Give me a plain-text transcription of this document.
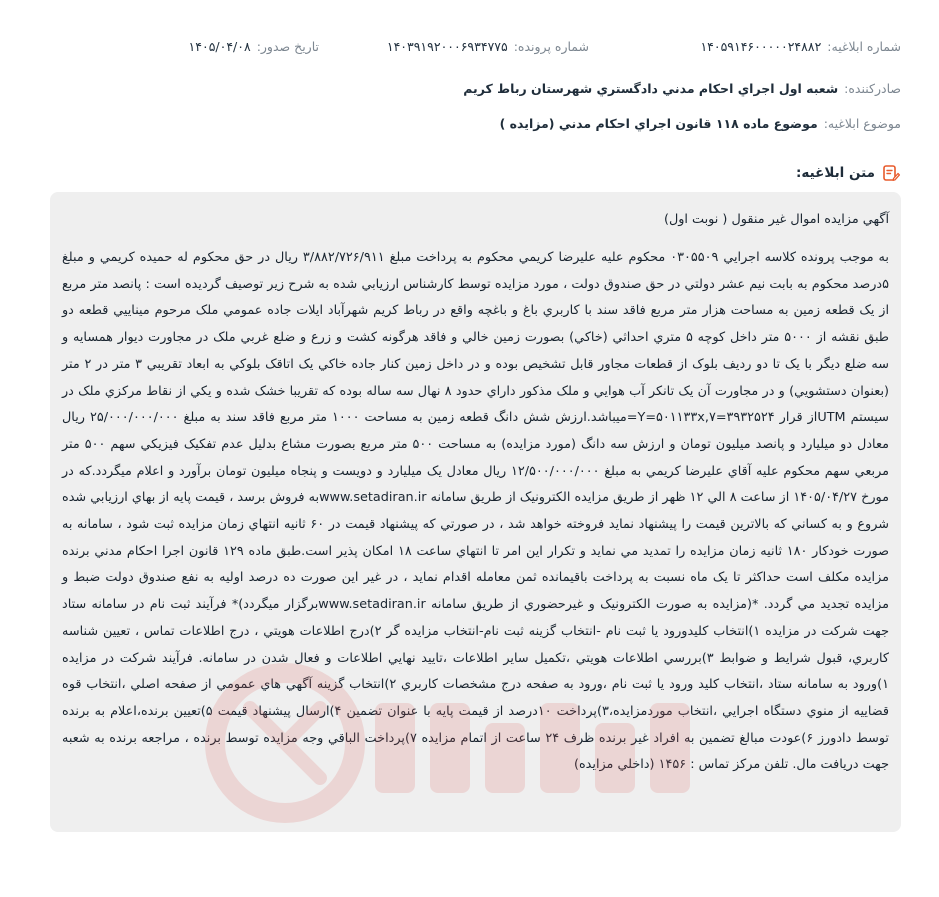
شماره ابلاغيه:
۱۴۰۵۹۱۴۶۰۰۰۰۰۲۴۸۸۲
شماره پرونده:
۱۴۰۳۹۱۹۲۰۰۰۶۹۳۴۷۷۵
تاريخ صدور:
۱۴۰۵/۰۴/۰۸
صادرکننده:
شعبه اول اجراي احکام مدني دادگستري شهرستان رباط کريم
موضوع ابلاغيه:
موضوع ماده ۱۱۸ قانون اجراي احکام مدني (مزايده )
متن ابلاغيه:

آگهي مزايده اموال غير منقول ( نوبت اول)

به موجب پرونده کلاسه اجرايي ۰۳۰۵۵۰۹ محکوم عليه عليرضا کريمي محکوم به پرداخت مبلغ ۳/۸۸۲/۷۲۶/۹۱۱ ريال در حق محکوم له حميده کريمي و مبلغ ۵درصد محکوم به بابت نيم عشر دولتي در حق صندوق دولت ، مورد مزايده توسط کارشناس ارزيابي شده به شرح زير توصيف گرديده است : پانصد متر مربع از يک قطعه زمين به مساحت هزار متر مربع فاقد سند با کاربري باغ و باغچه واقع در رباط کريم شهرآباد ايلات جاده عمومي ملک مرحوم ميناييي قطعه دو طبق نقشه از ۵۰۰۰ متر داخل کوچه ۵ متري احداثي (خاکي) بصورت زمين خالي و فاقد هرگونه کشت و زرع و ضلع غربي ملک در مجاورت ديوار همسايه و سه ضلع ديگر با يک تا دو رديف بلوک از قطعات مجاور قابل تشخيص بوده و در داخل زمين کنار جاده خاکي يک اتاقک بلوکي به ابعاد تقريبي ۳ متر در ۲ متر (بعنوان دستشويي) و در مجاورت آن يک تانکر آب هوايي و ملک مذکور داراي حدود ۸ نهال سه ساله بوده که تقريبا خشک شده و يکي از نقاط مرکزي ملک در سيستم UTMاز قرار ۳۹۳۲۵۲۴=۷,Y=۵۰۱۱۳۳x=ميباشد.ارزش شش دانگ قطعه زمين به مساحت ۱۰۰۰ متر مربع فاقد سند به مبلغ ۲۵/۰۰۰/۰۰۰/۰۰۰ ريال معادل دو ميليارد و پانصد ميليون تومان و ارزش سه دانگ (مورد مزايده) به مساحت ۵۰۰ متر مربع بصورت مشاع بدليل عدم تفکيک فيزيکي سهم ۵۰۰ متر مربعي سهم محکوم عليه آقاي عليرضا کريمي به مبلغ ۱۲/۵۰۰/۰۰۰/۰۰۰ ريال معادل يک ميليارد و دويست و پنجاه ميليون تومان برآورد و اعلام ميگردد.که در مورخ ۱۴۰۵/۰۴/۲۷ از ساعت ۸ الي ۱۲ ظهر از طريق مزايده الکترونيک از طريق سامانه www.setadiran.irبه فروش برسد ، قيمت پايه از بهاي ارزيابي شده شروع و به کساني که بالاترين قيمت را پيشنهاد نمايد فروخته خواهد شد ، در صورتي که پيشنهاد قيمت در ۶۰ ثانيه انتهاي زمان مزايده ثبت شود ، سامانه به صورت خودکار ۱۸۰ ثانيه زمان مزايده را تمديد مي نمايد و تکرار اين امر تا انتهاي ساعت ۱۸ امکان پذير است.طبق ماده ۱۲۹ قانون اجرا احکام مدني برنده مزايده مکلف است حداکثر تا يک ماه نسبت به پرداخت باقيمانده ثمن معامله اقدام نمايد ، در غير اين صورت ده درصد اوليه به نفع صندوق دولت ضبط و مزايده تجديد مي گردد. *(مزايده به صورت الکترونيک و غيرحضوري از طريق سامانه www.setadiran.irبرگزار ميگردد)* فرآيند ثبت نام در سامانه ستاد جهت شرکت در مزايده ۱)انتخاب کليدورود يا ثبت نام -انتخاب گزينه ثبت نام-انتخاب مزايده گر ۲)درج اطلاعات هويتي ، درج اطلاعات تماس ، تعيين شناسه کاربري، قبول شرايط و ضوابط ۳)بررسي اطلاعات هويتي ،تکميل ساير اطلاعات ،تاييد نهايي اطلاعات و فعال شدن در سامانه. فرآيند شرکت در مزايده ۱)ورود به سامانه ستاد ،انتخاب کليد ورود يا ثبت نام ،ورود به صفحه درج مشخصات کاربري ۲)انتخاب گزينه آگهي هاي عمومي از صفحه اصلي ،انتخاب قوه قضاييه از منوي دستگاه اجرايي ،انتخاب موردمزايده،۳)پرداخت ۱۰درصد از قيمت پايه با عنوان تضمين ۴)ارسال پيشنهاد قيمت ۵)تعيين برنده،اعلام به برنده توسط دادورز ۶)عودت مبالغ تضمين به افراد غير برنده ظرف ۲۴ ساعت از اتمام مزايده ۷)پرداخت الباقي وجه مزايده توسط برنده ، مراجعه برنده به شعبه جهت دريافت مال. تلفن مرکز تماس : ۱۴۵۶ (داخلي مزايده)
